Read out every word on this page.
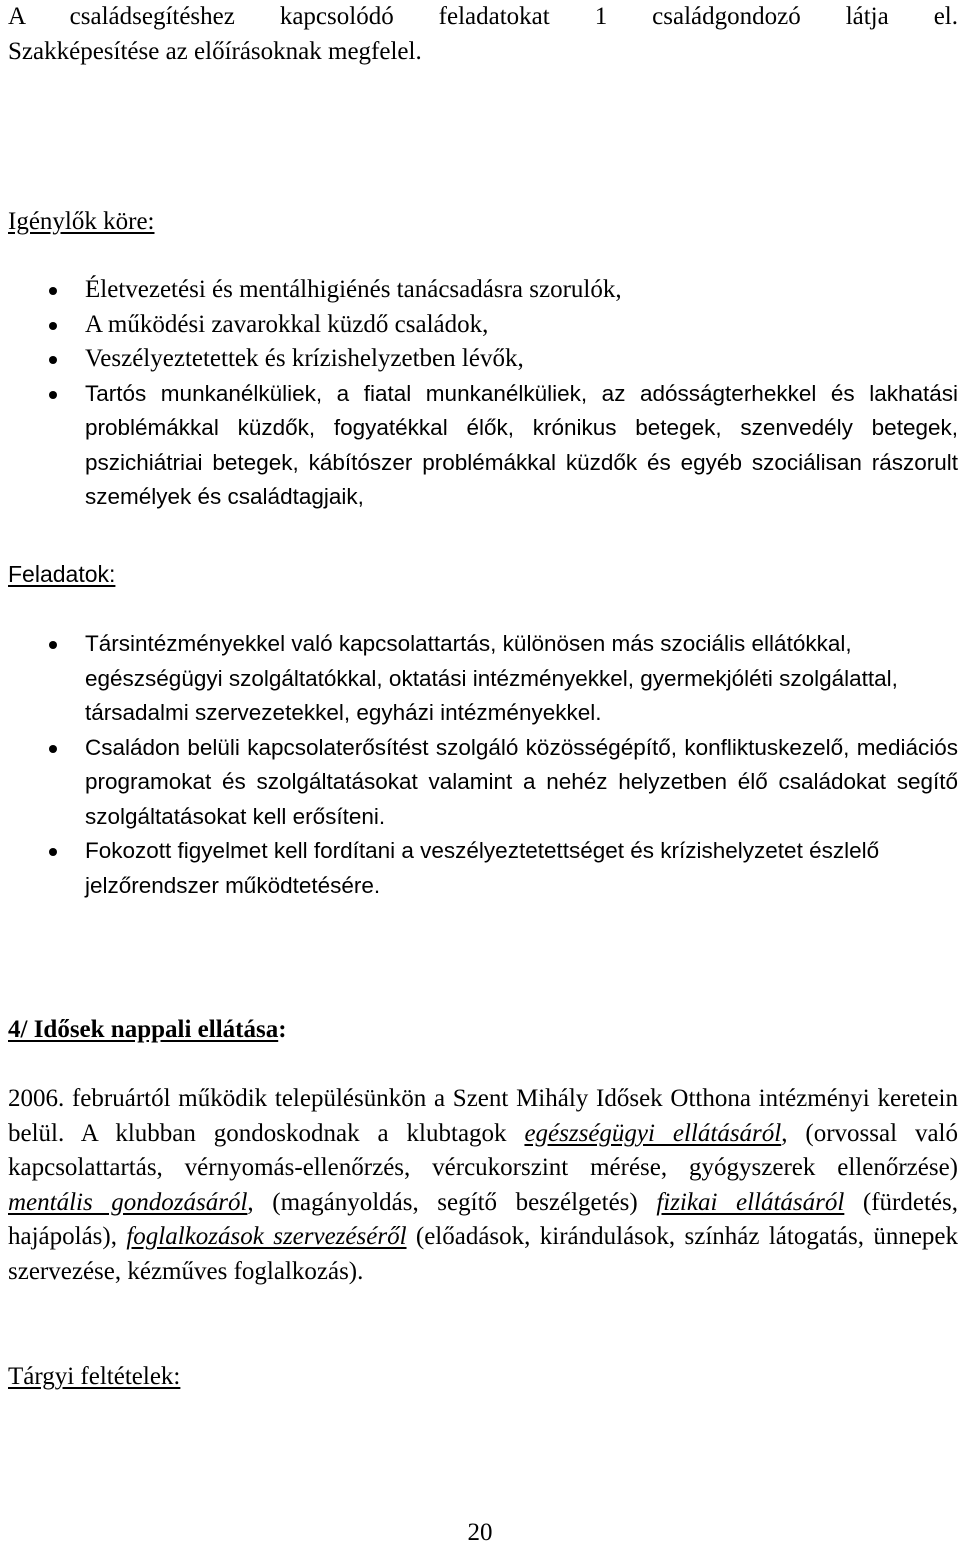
A családsegítéshez kapcsolódó feladatokat 1 családgondozó látja el.

Szakképesítése az előírásoknak megfelel.

Igénylők köre:
Életvezetési és mentálhigiénés tanácsadásra szorulók,
A működési zavarokkal küzdő családok,
Veszélyeztetettek és krízishelyzetben lévők,
Tartós munkanélküliek, a fiatal munkanélküliek, az adósságterhekkel és lakhatási problémákkal küzdők, fogyatékkal élők, krónikus betegek, szenvedély betegek, pszichiátriai betegek, kábítószer problémákkal küzdők és egyéb szociálisan rászorult személyek és családtagjaik,
Feladatok:
Társintézményekkel való kapcsolattartás, különösen más szociális ellátókkal, egészségügyi szolgáltatókkal, oktatási intézményekkel, gyermekjóléti szolgálattal, társadalmi szervezetekkel, egyházi intézményekkel.
Családon belüli kapcsolaterősítést szolgáló közösségépítő, konfliktuskezelő, mediációs programokat és szolgáltatásokat valamint a nehéz helyzetben élő családokat segítő szolgáltatásokat kell erősíteni.
Fokozott figyelmet kell fordítani a veszélyeztetettséget és krízishelyzetet észlelő jelzőrendszer működtetésére.
4/ Idősek nappali ellátása:

2006. februártól működik településünkön a Szent Mihály Idősek Otthona intézményi keretein belül. A klubban gondoskodnak a klubtagok egészségügyi ellátásáról, (orvossal való kapcsolattartás, vérnyomás-ellenőrzés, vércukorszint mérése, gyógyszerek ellenőrzése) mentális gondozásáról, (magányoldás, segítő beszélgetés) fizikai ellátásáról (fürdetés, hajápolás), foglalkozások szervezéséről (előadások, kirándulások, színház látogatás, ünnepek szervezése, kézműves foglalkozás).

Tárgyi feltételek:
20
